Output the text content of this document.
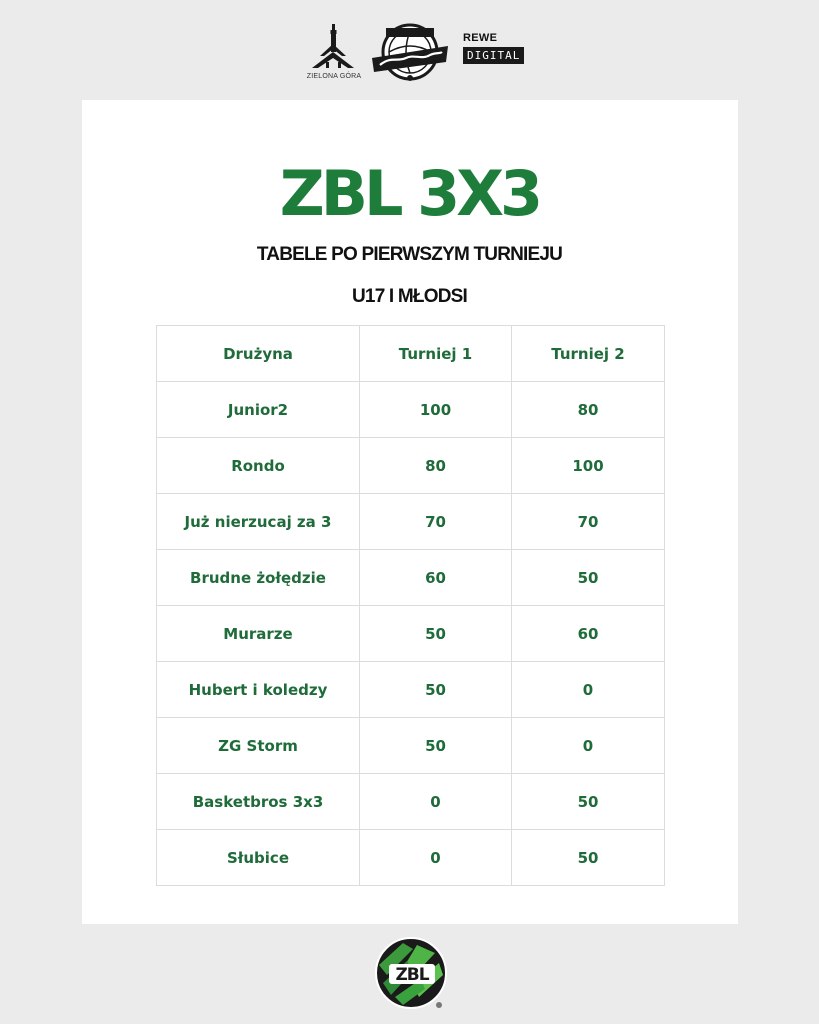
ZIELONA GÓRA
REWE
DIGITAL
ZBL 3X3
TABELE PO PIERWSZYM TURNIEJU
U17 I MŁODSI
Drużyna	Turniej 1	Turniej 2
Junior2	100	80
Rondo	80	100
Już nierzucaj za 3	70	70
Brudne żołędzie	60	50
Murarze	50	60
Hubert i koledzy	50	0
ZG Storm	50	0
Basketbros 3x3	0	50
Słubice	0	50
ZBL
